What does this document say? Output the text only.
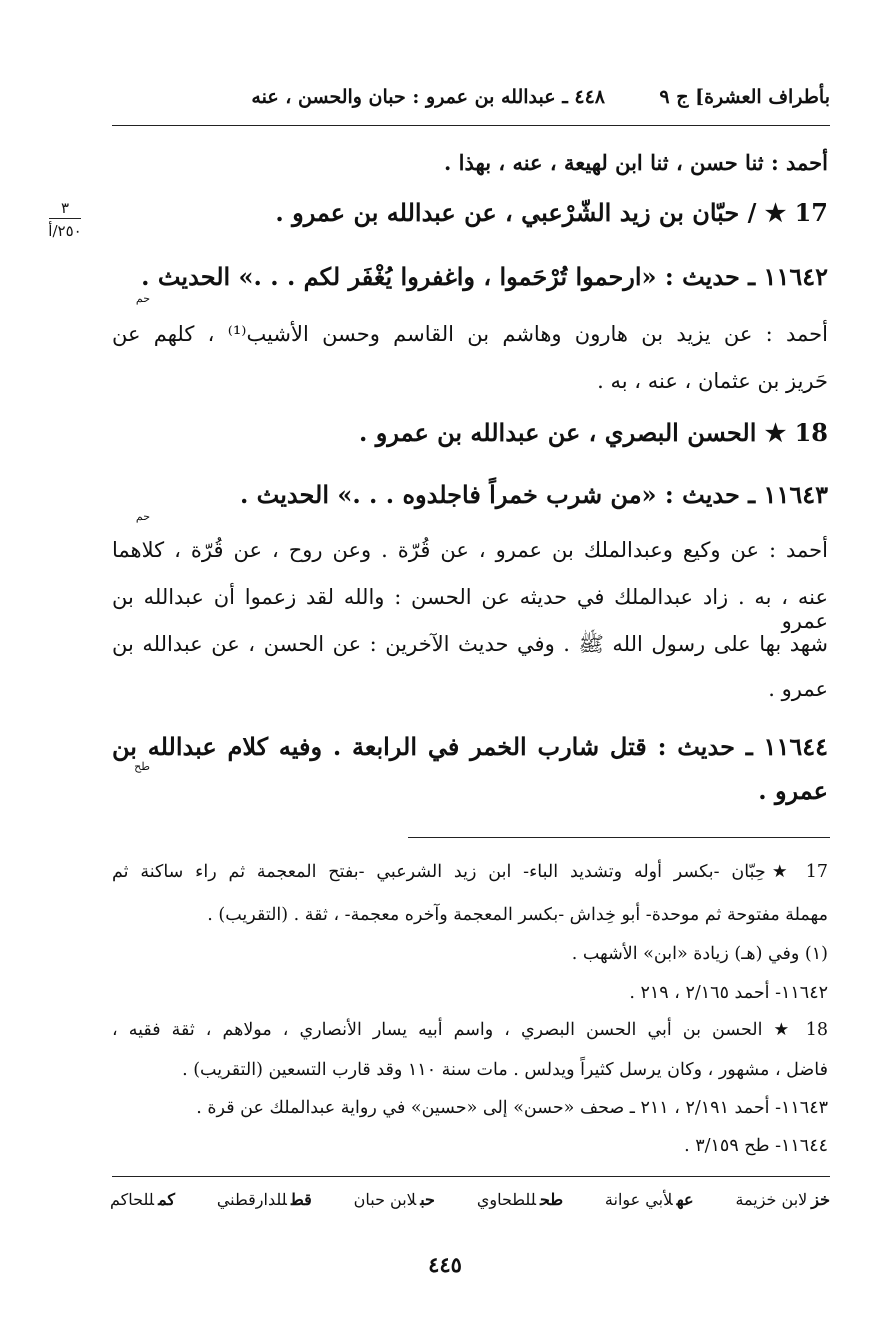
بأطراف العشرة] ج ٩
٤٤٨ ـ عبدالله بن عمرو : حبان والحسن ، عنه
٣
٢٥٠/أ
أحمد : ثنا حسن ، ثنا ابن لهيعة ، عنه ، بهذا .
17 ★ / حبّان بن زيد الشّرْعبي ، عن عبدالله بن عمرو .
١١٦٤٢ ـ حديث : «ارحموا تُرْحَموا ، واغفروا يُغْفَر لكم . . .» الحديث .
حم
أحمد : عن يزيد بن هارون وهاشم بن القاسم وحسن الأشيب⁽¹⁾ ، كلهم عن
حَريز بن عثمان ، عنه ، به .
18 ★ الحسن البصري ، عن عبدالله بن عمرو .
١١٦٤٣ ـ حديث : «من شرب خمراً فاجلدوه . . .» الحديث .
حم
أحمد : عن وكيع وعبدالملك بن عمرو ، عن قُرّة . وعن روح ، عن قُرّة ، كلاهما
عنه ، به . زاد عبدالملك في حديثه عن الحسن : والله لقد زعموا أن عبدالله بن عمرو
شهد بها على رسول الله ﷺ . وفي حديث الآخرين : عن الحسن ، عن عبدالله بن
عمرو .
١١٦٤٤ ـ حديث : قتل شارب الخمر في الرابعة . وفيه كلام عبدالله بن
طح
عمرو .
17 ★حِبّان -بكسر أوله وتشديد الباء- ابن زيد الشرعبي -بفتح المعجمة ثم راء ساكنة ثم
مهملة مفتوحة ثم موحدة- أبو خِداش -بكسر المعجمة وآخره معجمة- ، ثقة . (التقريب) .
(١) وفي (هـ) زيادة «ابن» الأشهب .
١١٦٤٢- أحمد ٢/١٦٥ ، ٢١٩ .
18 ★ الحسن بن أبي الحسن البصري ، واسم أبيه يسار الأنصاري ، مولاهم ، ثقة فقيه ،
فاضل ، مشهور ، وكان يرسل كثيراً ويدلس . مات سنة ١١٠ وقد قارب التسعين (التقريب) .
١١٦٤٣- أحمد ٢/١٩١ ، ٢١١ ـ صحف «حسن» إلى «حسين» في رواية عبدالملك عن قرة .
١١٦٤٤- طح ٣/١٥٩ .
خزلابن خزيمة
عهلأبي عوانة
طحللطحاوي
حبلابن حبان
قطللدارقطني
كمللحاكم
٤٤٥
